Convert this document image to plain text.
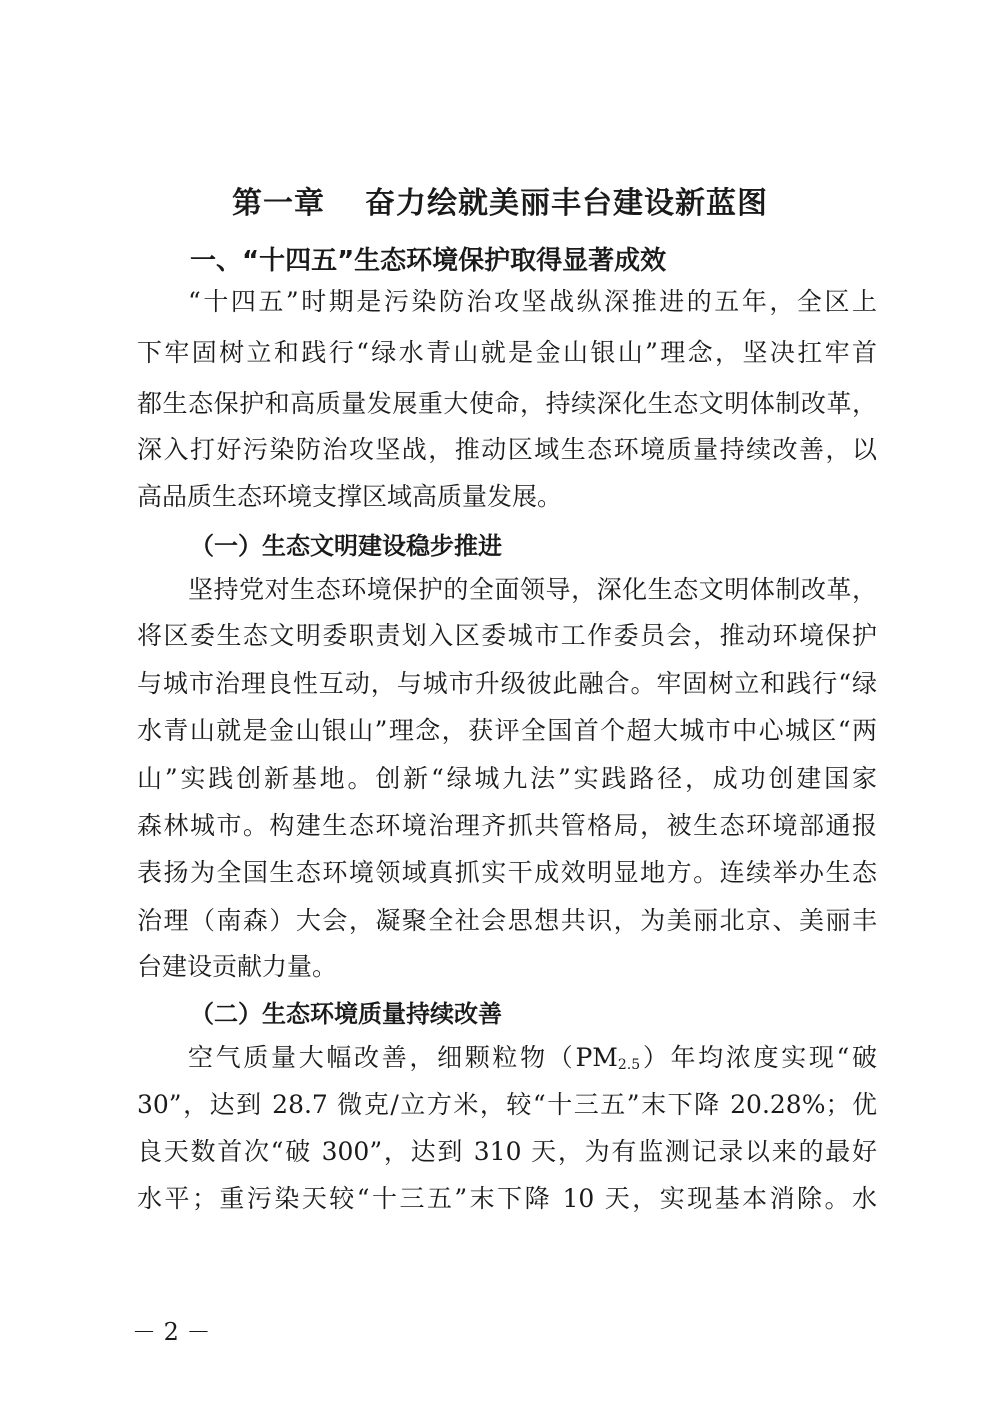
第一章 奋力绘就美丽丰台建设新蓝图
一、“十四五”生态环境保护取得显著成效
“十四五”时期是污染防治攻坚战纵深推进的五年，全区上
下牢固树立和践行“绿水青山就是金山银山”理念，坚决扛牢首
都生态保护和高质量发展重大使命，持续深化生态文明体制改革，
深入打好污染防治攻坚战，推动区域生态环境质量持续改善，以
高品质生态环境支撑区域高质量发展。
（一）生态文明建设稳步推进
坚持党对生态环境保护的全面领导，深化生态文明体制改革，
将区委生态文明委职责划入区委城市工作委员会，推动环境保护
与城市治理良性互动，与城市升级彼此融合。牢固树立和践行“绿
水青山就是金山银山”理念，获评全国首个超大城市中心城区“两
山”实践创新基地。创新“绿城九法”实践路径，成功创建国家
森林城市。构建生态环境治理齐抓共管格局，被生态环境部通报
表扬为全国生态环境领域真抓实干成效明显地方。连续举办生态
治理（南森）大会，凝聚全社会思想共识，为美丽北京、美丽丰
台建设贡献力量。
（二）生态环境质量持续改善
空气质量大幅改善，细颗粒物$(PM_{2.5})$年均浓度实现“破
30”，达到 28.7 微克/立方米，较“十三五”末下降 20.28%；优
良天数首次“破 300”，达到 310 天，为有监测记录以来的最好
水平；重污染天较“十三五”末下降 10 天，实现基本消除。水
－ 2 －
